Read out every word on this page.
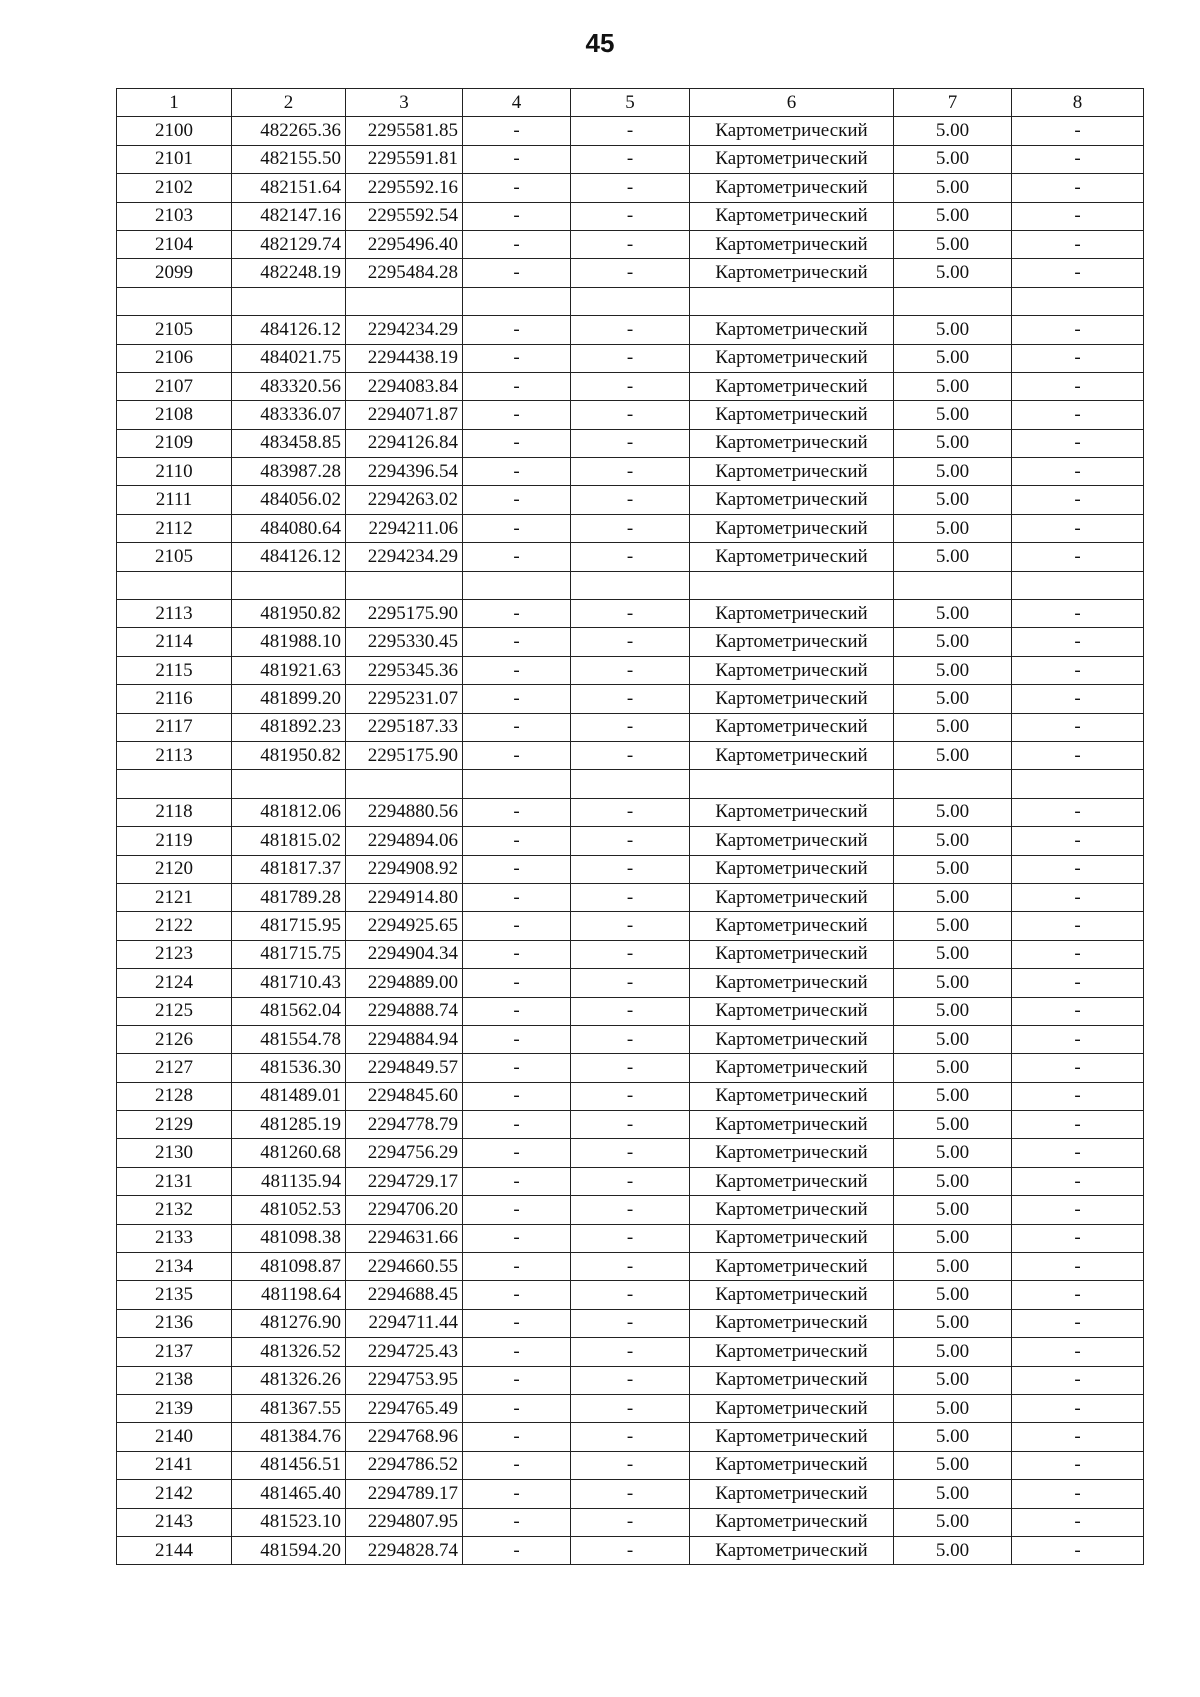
45
1	2	3	4	5	6	7	8
2100	482265.36	2295581.85	-	-	Картометрический	5.00	-
2101	482155.50	2295591.81	-	-	Картометрический	5.00	-
2102	482151.64	2295592.16	-	-	Картометрический	5.00	-
2103	482147.16	2295592.54	-	-	Картометрический	5.00	-
2104	482129.74	2295496.40	-	-	Картометрический	5.00	-
2099	482248.19	2295484.28	-	-	Картометрический	5.00	-

2105	484126.12	2294234.29	-	-	Картометрический	5.00	-
2106	484021.75	2294438.19	-	-	Картометрический	5.00	-
2107	483320.56	2294083.84	-	-	Картометрический	5.00	-
2108	483336.07	2294071.87	-	-	Картометрический	5.00	-
2109	483458.85	2294126.84	-	-	Картометрический	5.00	-
2110	483987.28	2294396.54	-	-	Картометрический	5.00	-
2111	484056.02	2294263.02	-	-	Картометрический	5.00	-
2112	484080.64	2294211.06	-	-	Картометрический	5.00	-
2105	484126.12	2294234.29	-	-	Картометрический	5.00	-

2113	481950.82	2295175.90	-	-	Картометрический	5.00	-
2114	481988.10	2295330.45	-	-	Картометрический	5.00	-
2115	481921.63	2295345.36	-	-	Картометрический	5.00	-
2116	481899.20	2295231.07	-	-	Картометрический	5.00	-
2117	481892.23	2295187.33	-	-	Картометрический	5.00	-
2113	481950.82	2295175.90	-	-	Картометрический	5.00	-

2118	481812.06	2294880.56	-	-	Картометрический	5.00	-
2119	481815.02	2294894.06	-	-	Картометрический	5.00	-
2120	481817.37	2294908.92	-	-	Картометрический	5.00	-
2121	481789.28	2294914.80	-	-	Картометрический	5.00	-
2122	481715.95	2294925.65	-	-	Картометрический	5.00	-
2123	481715.75	2294904.34	-	-	Картометрический	5.00	-
2124	481710.43	2294889.00	-	-	Картометрический	5.00	-
2125	481562.04	2294888.74	-	-	Картометрический	5.00	-
2126	481554.78	2294884.94	-	-	Картометрический	5.00	-
2127	481536.30	2294849.57	-	-	Картометрический	5.00	-
2128	481489.01	2294845.60	-	-	Картометрический	5.00	-
2129	481285.19	2294778.79	-	-	Картометрический	5.00	-
2130	481260.68	2294756.29	-	-	Картометрический	5.00	-
2131	481135.94	2294729.17	-	-	Картометрический	5.00	-
2132	481052.53	2294706.20	-	-	Картометрический	5.00	-
2133	481098.38	2294631.66	-	-	Картометрический	5.00	-
2134	481098.87	2294660.55	-	-	Картометрический	5.00	-
2135	481198.64	2294688.45	-	-	Картометрический	5.00	-
2136	481276.90	2294711.44	-	-	Картометрический	5.00	-
2137	481326.52	2294725.43	-	-	Картометрический	5.00	-
2138	481326.26	2294753.95	-	-	Картометрический	5.00	-
2139	481367.55	2294765.49	-	-	Картометрический	5.00	-
2140	481384.76	2294768.96	-	-	Картометрический	5.00	-
2141	481456.51	2294786.52	-	-	Картометрический	5.00	-
2142	481465.40	2294789.17	-	-	Картометрический	5.00	-
2143	481523.10	2294807.95	-	-	Картометрический	5.00	-
2144	481594.20	2294828.74	-	-	Картометрический	5.00	-
